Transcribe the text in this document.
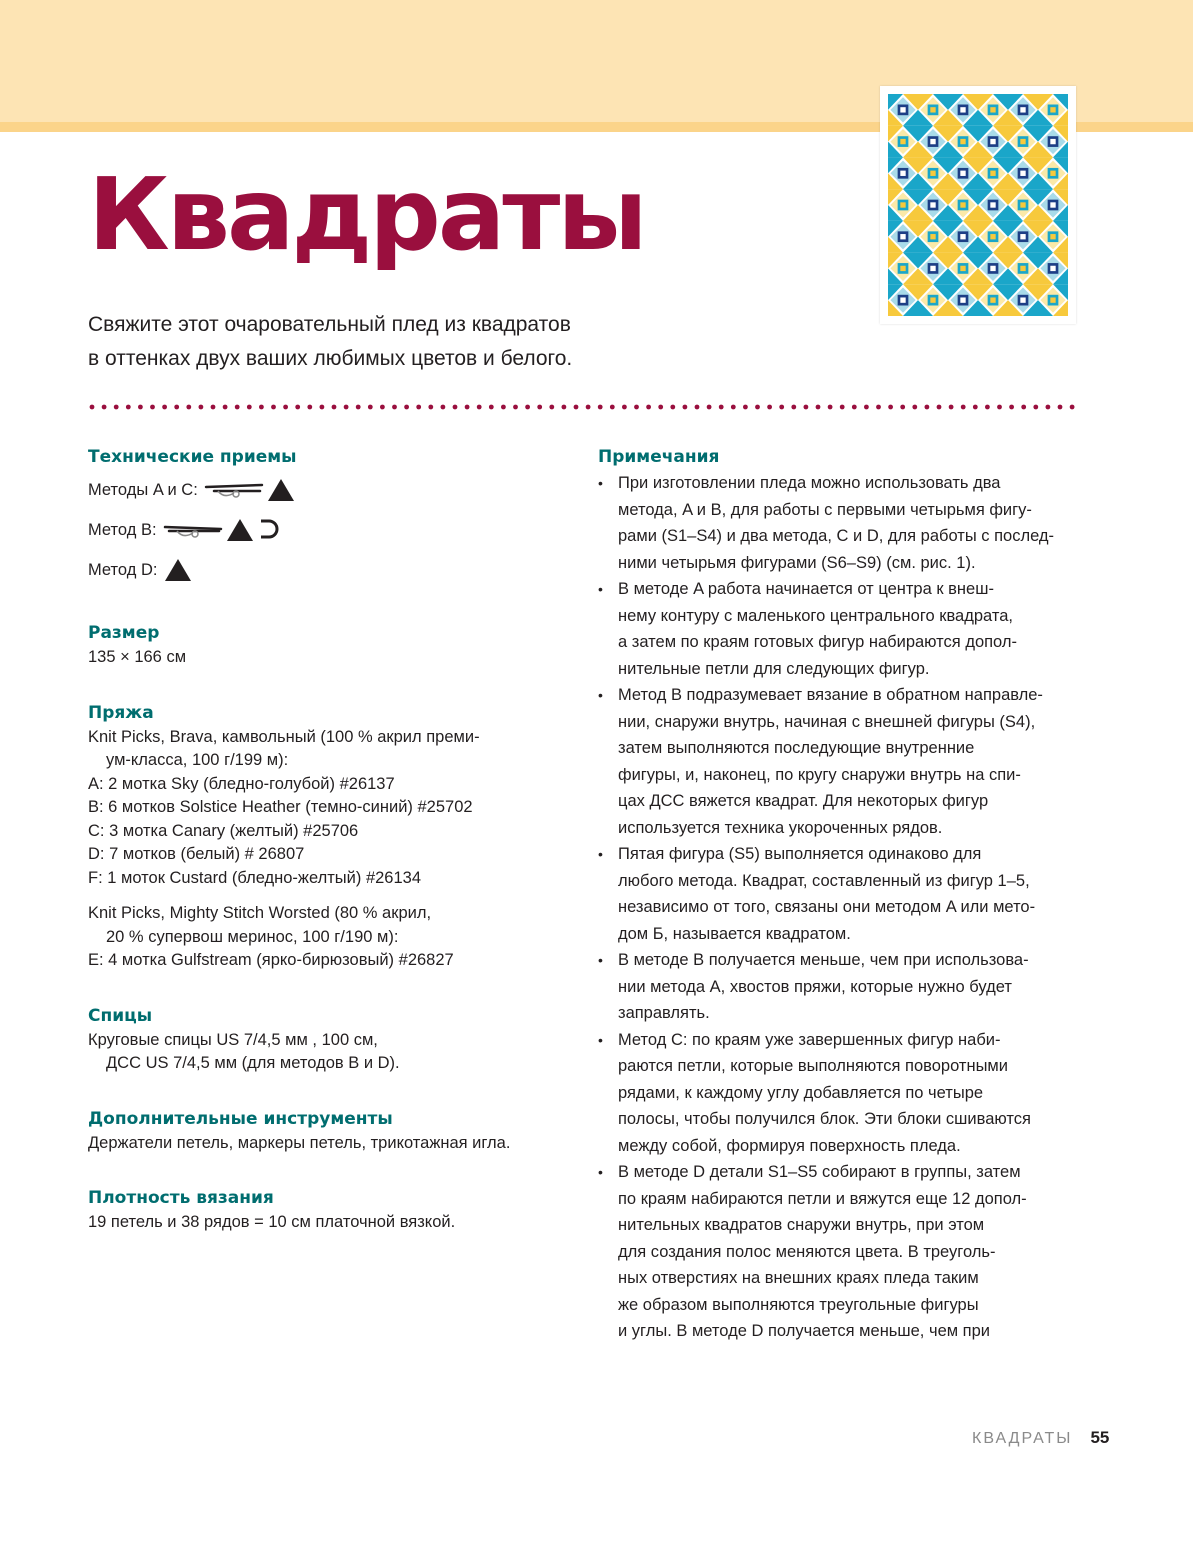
Квадраты
Свяжите этот очаровательный плед из квадратов
в оттенках двух ваших любимых цветов и белого.
Технические приемы
Методы A и C:
Метод B:
Метод D:
Размер
135 × 166 см
Пряжа
Knit Picks, Brava, камвольный (100 % акрил преми-
ум-класса, 100 г/199 м):
A: 2 мотка Sky (бледно-голубой) #26137
B: 6 мотков Solstice Heather (темно-синий) #25702
C: 3 мотка Canary (желтый) #25706
D: 7 мотков (белый) # 26807
F: 1 моток Custard (бледно-желтый) #26134
Knit Picks, Mighty Stitch Worsted (80 % акрил,
20 % супервош меринос, 100 г/190 м):
E: 4 мотка Gulfstream (ярко-бирюзовый) #26827
Спицы
Круговые спицы US 7/4,5 мм , 100 см,
ДСС US 7/4,5 мм (для методов B и D).
Дополнительные инструменты
Держатели петель, маркеры петель, трикотажная игла.
Плотность вязания
19 петель и 38 рядов = 10 см платочной вязкой.
Примечания
• При изготовлении пледа можно использовать два
метода, A и B, для работы с первыми четырьмя фигу-
рами (S1–S4) и два метода, C и D, для работы с послед-
ними четырьмя фигурами (S6–S9) (см. рис. 1).
• В методе A работа начинается от центра к внеш-
нему контуру с маленького центрального квадрата,
а затем по краям готовых фигур набираются допол-
нительные петли для следующих фигур.
• Метод B подразумевает вязание в обратном направле-
нии, снаружи внутрь, начиная с внешней фигуры (S4),
затем выполняются последующие внутренние
фигуры, и, наконец, по кругу снаружи внутрь на спи-
цах ДСС вяжется квадрат. Для некоторых фигур
используется техника укороченных рядов.
• Пятая фигура (S5) выполняется одинаково для
любого метода. Квадрат, составленный из фигур 1–5,
независимо от того, связаны они методом A или мето-
дом Б, называется квадратом.
• В методе B получается меньше, чем при использова-
нии метода A, хвостов пряжи, которые нужно будет
заправлять.
• Метод C: по краям уже завершенных фигур наби-
раются петли, которые выполняются поворотными
рядами, к каждому углу добавляется по четыре
полосы, чтобы получился блок. Эти блоки сшиваются
между собой, формируя поверхность пледа.
• В методе D детали S1–S5 собирают в группы, затем
по краям набираются петли и вяжутся еще 12 допол-
нительных квадратов снаружи внутрь, при этом
для создания полос меняются цвета. В треуголь-
ных отверстиях на внешних краях пледа таким
же образом выполняются треугольные фигуры
и углы. В методе D получается меньше, чем при
КВАДРАТЫ 55
